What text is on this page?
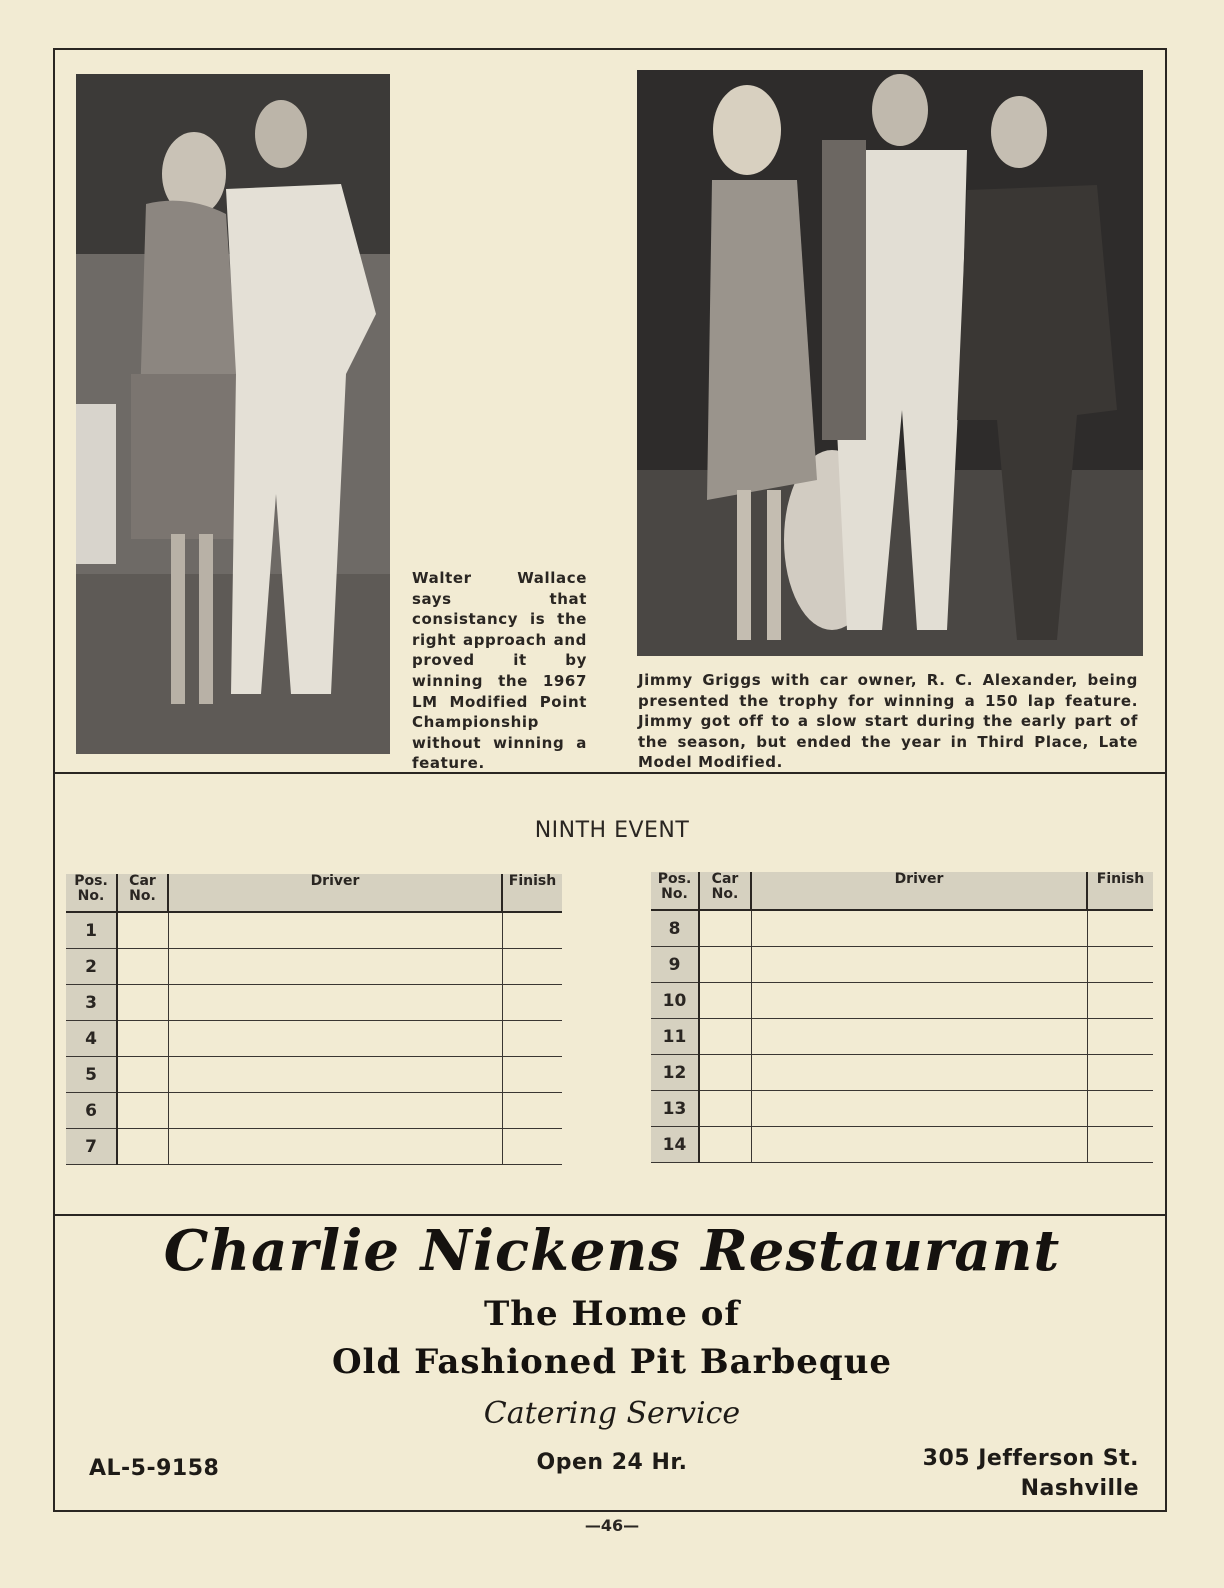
Walter Wallace says that consistancy is the right approach and proved it by winning the 1967 LM Modified Point Championship without winning a feature.
Jimmy Griggs with car owner, R. C. Alexander, being presented the trophy for winning a 150 lap feature. Jimmy got off to a slow start during the early part of the season, but ended the year in Third Place, Late Model Modified.
NINTH EVENT
Pos. No.	Car No.	Driver	Finish
1			
2			
3			
4			
5			
6			
7			
Pos. No.	Car No.	Driver	Finish
8			
9			
10			
11			
12			
13			
14			
Charlie Nickens Restaurant
The Home of
Old Fashioned Pit Barbeque
Catering Service
AL-5-9158	Open 24 Hr.	305 Jefferson St.
Nashville
—46—
